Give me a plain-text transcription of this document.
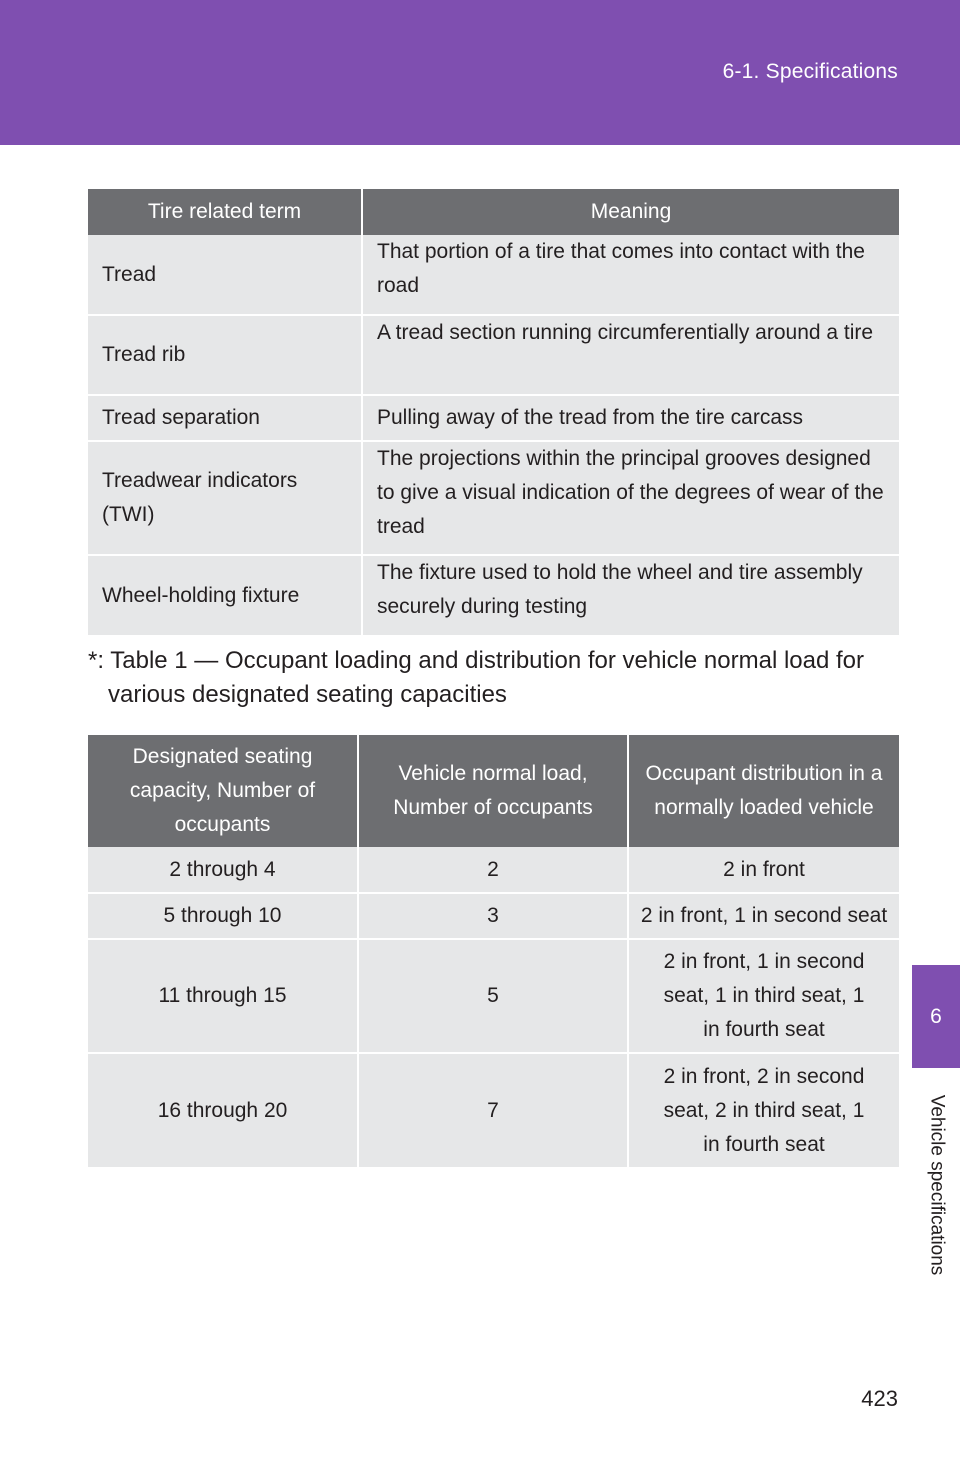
6-1. Specifications
6
Vehicle specifications
Tire related term	Meaning
Tread	That portion of a tire that comes into contact with the road
Tread rib	A tread section running circumferentially around a tire
Tread separation	Pulling away of the tread from the tire carcass
Treadwear indicators (TWI)	The projections within the principal grooves designed to give a visual indication of the degrees of wear of the tread
Wheel-holding fixture	The fixture used to hold the wheel and tire assembly securely during testing
*: Table 1 — Occupant loading and distribution for vehicle normal load for various designated seating capacities
Designated seating capacity, Number of occupants	Vehicle normal load, Number of occupants	Occupant distribution in a normally loaded vehicle
2 through 4	2	2 in front
5 through 10	3	2 in front, 1 in second seat
11 through 15	5	2 in front, 1 in second seat, 1 in third seat, 1 in fourth seat
16 through 20	7	2 in front, 2 in second seat, 2 in third seat, 1 in fourth seat
423
